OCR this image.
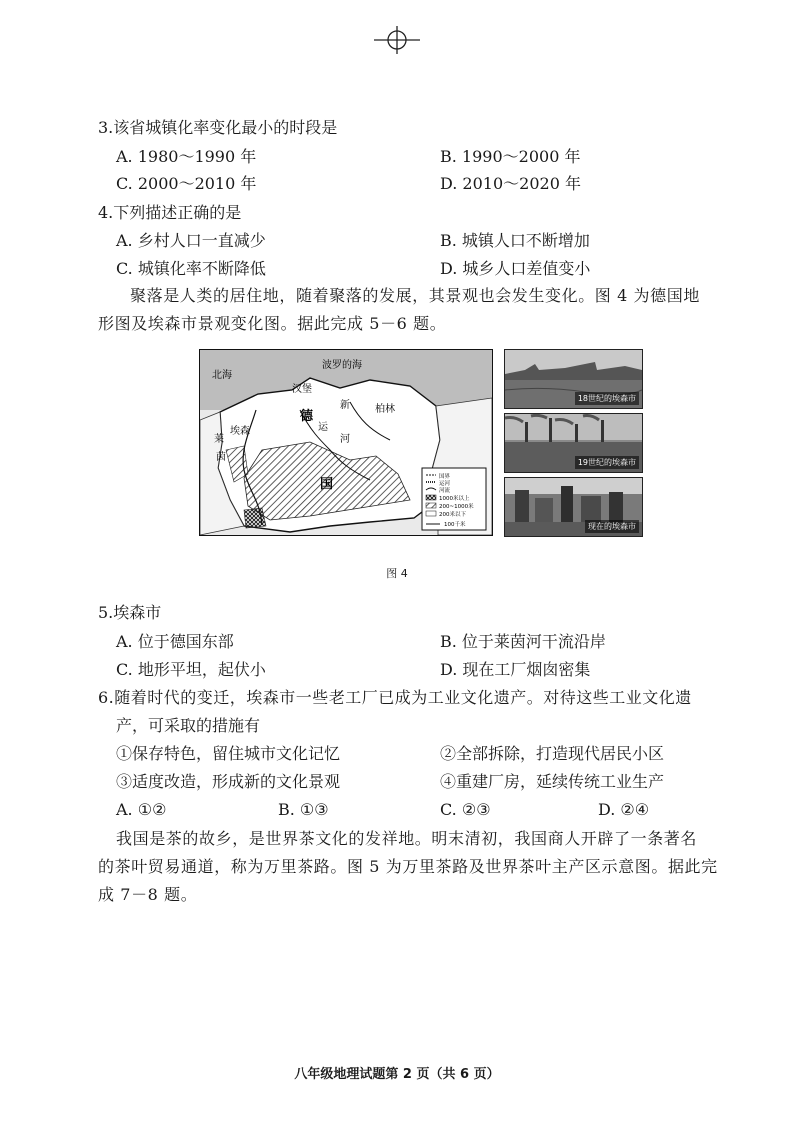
3.该省城镇化率变化最小的时段是
A. 1980～1990 年	B. 1990～2000 年
C. 2000～2010 年	D. 2010～2020 年
4.下列描述正确的是
A. 乡村人口一直减少	B. 城镇人口不断增加
C. 城镇化率不断降低	D. 城乡人口差值变小
聚落是人类的居住地，随着聚落的发展，其景观也会发生变化。图 4 为德国地形图及埃森市景观变化图。据此完成 5－6 题。
北海
波罗的海
汉堡
新	柏林
埃森
德
运
河
莱
茵
国	国界
运河
河流
1000米以上
200~1000米
200米以下
100千米
18世纪的埃森市
19世纪的埃森市
现在的埃森市
图 4
5.埃森市
A. 位于德国东部	B. 位于莱茵河干流沿岸
C. 地形平坦，起伏小	D. 现在工厂烟囱密集
6.随着时代的变迁，埃森市一些老工厂已成为工业文化遗产。对待这些工业文化遗
产，可采取的措施有
①保存特色，留住城市文化记忆	②全部拆除，打造现代居民小区
③适度改造，形成新的文化景观	④重建厂房，延续传统工业生产
A. ①②	B. ①③	C. ②③	D. ②④
我国是茶的故乡，是世界茶文化的发祥地。明末清初，我国商人开辟了一条著名
的茶叶贸易通道，称为万里茶路。图 5 为万里茶路及世界茶叶主产区示意图。据此完
成 7－8 题。
八年级地理试题第 2 页（共 6 页）
